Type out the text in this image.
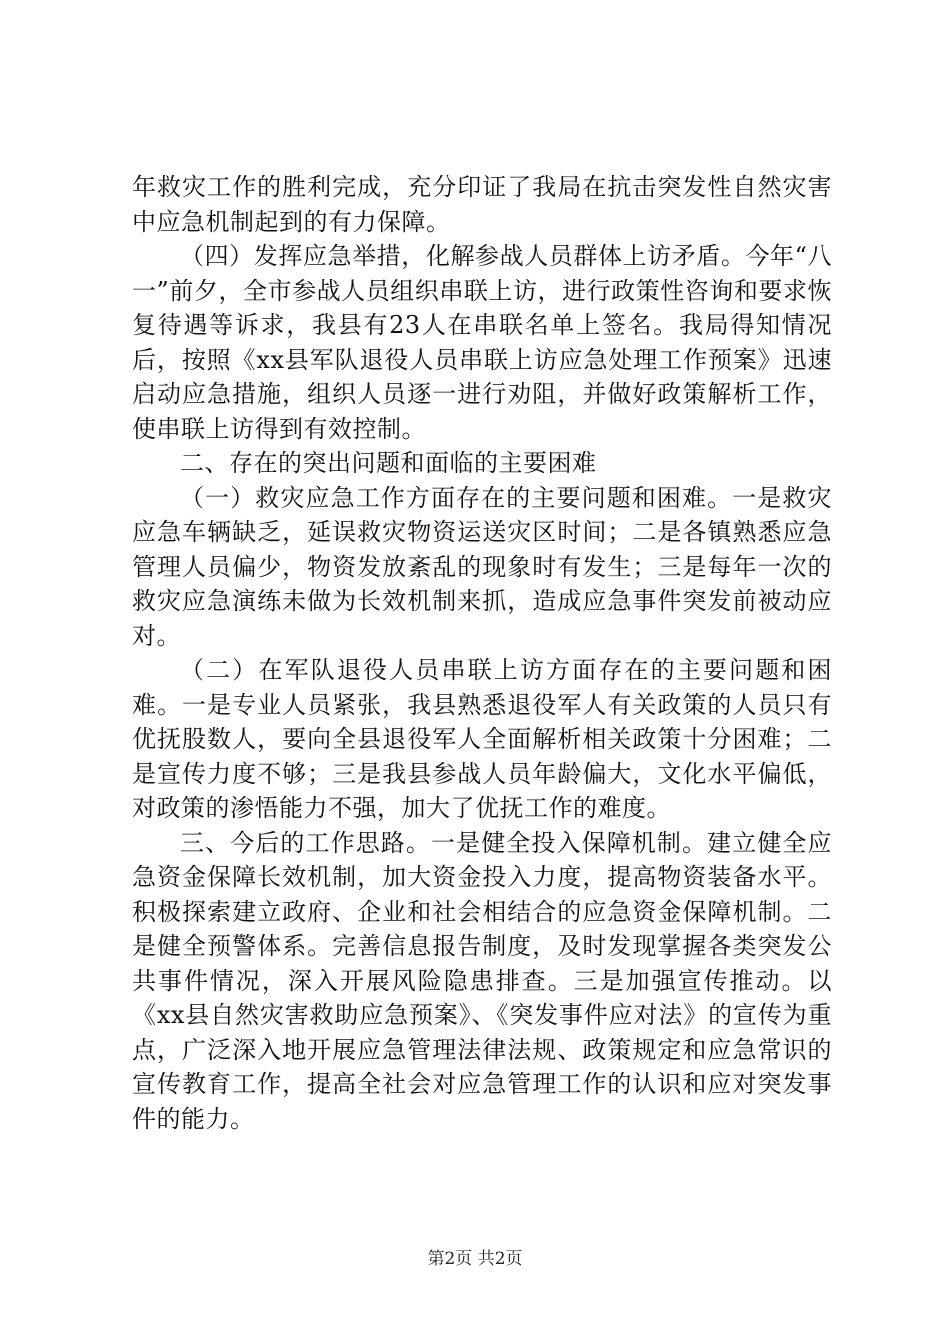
年救灾工作的胜利完成，充分印证了我局在抗击突发性自然灾害中应急机制起到的有力保障。

（四）发挥应急举措，化解参战人员群体上访矛盾。今年“八一”前夕，全市参战人员组织串联上访，进行政策性咨询和要求恢复待遇等诉求，我县有23人在串联名单上签名。我局得知情况后，按照《xx县军队退役人员串联上访应急处理工作预案》迅速启动应急措施，组织人员逐一进行劝阻，并做好政策解析工作，使串联上访得到有效控制。

二、存在的突出问题和面临的主要困难

（一）救灾应急工作方面存在的主要问题和困难。一是救灾应急车辆缺乏，延误救灾物资运送灾区时间；二是各镇熟悉应急管理人员偏少，物资发放紊乱的现象时有发生；三是每年一次的救灾应急演练未做为长效机制来抓，造成应急事件突发前被动应对。

（二）在军队退役人员串联上访方面存在的主要问题和困难。一是专业人员紧张，我县熟悉退役军人有关政策的人员只有优抚股数人，要向全县退役军人全面解析相关政策十分困难；二是宣传力度不够；三是我县参战人员年龄偏大，文化水平偏低，对政策的渗悟能力不强，加大了优抚工作的难度。

三、今后的工作思路。一是健全投入保障机制。建立健全应急资金保障长效机制，加大资金投入力度，提高物资装备水平。积极探索建立政府、企业和社会相结合的应急资金保障机制。二是健全预警体系。完善信息报告制度，及时发现掌握各类突发公共事件情况，深入开展风险隐患排查。三是加强宣传推动。以《xx县自然灾害救助应急预案》、《突发事件应对法》的宣传为重点，广泛深入地开展应急管理法律法规、政策规定和应急常识的宣传教育工作，提高全社会对应急管理工作的认识和应对突发事件的能力。

第2页 共2页
